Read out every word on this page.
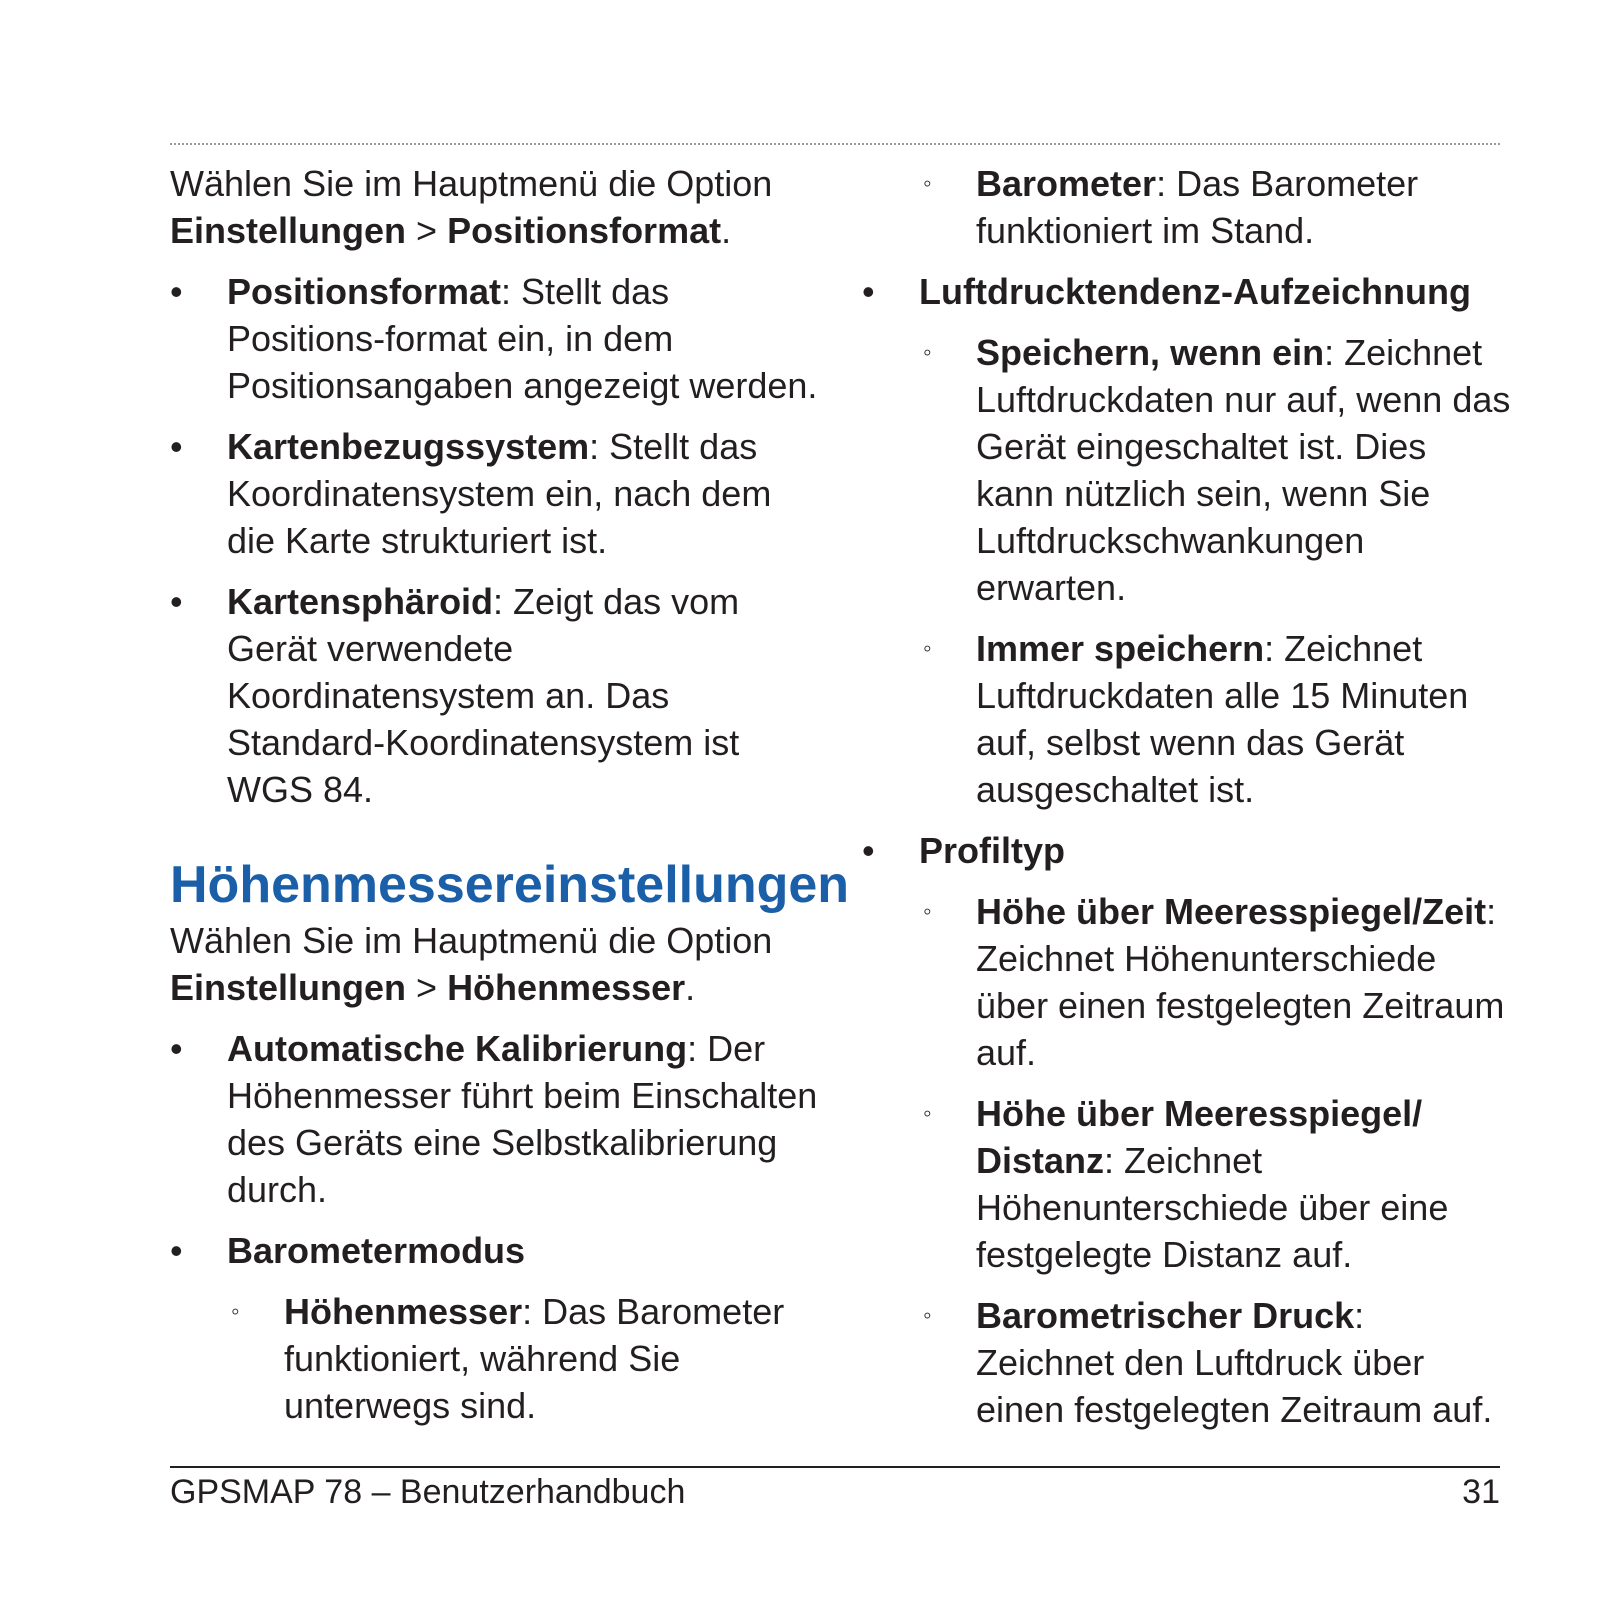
Wählen Sie im Hauptmenü die Option
Einstellungen > Positionsformat.

• Positionsformat: Stellt das Positions-format ein, in dem Positionsangaben angezeigt werden.
• Kartenbezugssystem: Stellt das Koordinatensystem ein, nach dem die Karte strukturiert ist.
• Kartensphäroid: Zeigt das vom Gerät verwendete Koordinatensystem an. Das Standard-Koordinatensystem ist WGS 84.
Höhenmessereinstellungen

Wählen Sie im Hauptmenü die Option
Einstellungen > Höhenmesser.

• Automatische Kalibrierung: Der Höhenmesser führt beim Einschalten des Geräts eine Selbstkalibrierung durch.
• Barometermodus
◦ Höhenmesser: Das Barometer funktioniert, während Sie unterwegs sind.
◦ Barometer: Das Barometer funktioniert im Stand.
• Luftdrucktendenz-Aufzeichnung
◦ Speichern, wenn ein: Zeichnet Luftdruckdaten nur auf, wenn das Gerät eingeschaltet ist. Dies kann nützlich sein, wenn Sie Luftdruckschwankungen erwarten.
◦ Immer speichern: Zeichnet Luftdruckdaten alle 15 Minuten auf, selbst wenn das Gerät ausgeschaltet ist.
• Profiltyp
◦ Höhe über Meeresspiegel/Zeit: Zeichnet Höhenunterschiede über einen festgelegten Zeitraum auf.
◦ Höhe über Meeresspiegel/ Distanz: Zeichnet Höhenunterschiede über eine festgelegte Distanz auf.
◦ Barometrischer Druck: Zeichnet den Luftdruck über einen festgelegten Zeitraum auf.
GPSMAP 78 – Benutzerhandbuch	31
